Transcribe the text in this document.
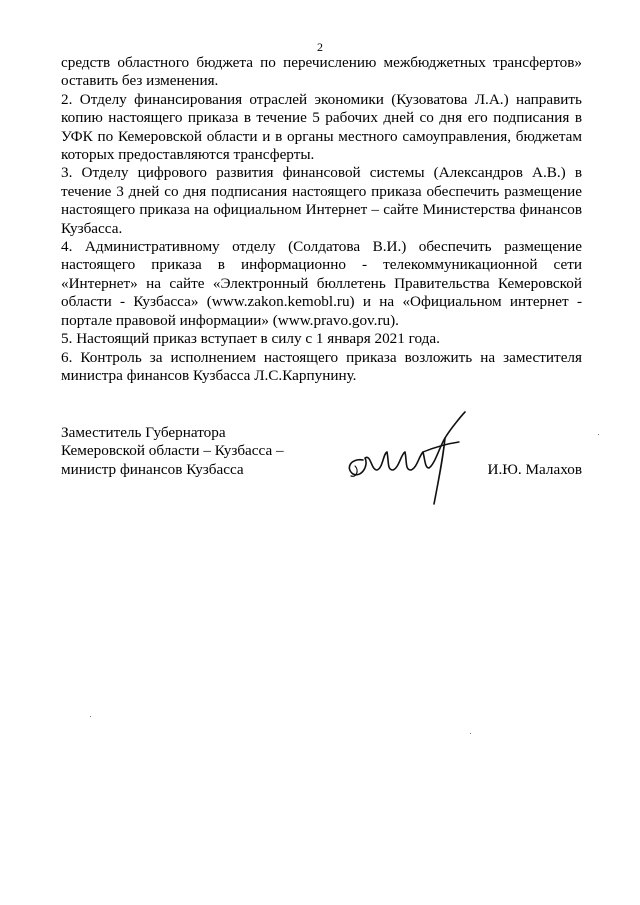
2

средств областного бюджета по перечислению межбюджетных трансфертов» оставить без изменения.

2. Отделу финансирования отраслей экономики (Кузоватова Л.А.) направить копию настоящего приказа в течение 5 рабочих дней со дня его подписания в УФК по Кемеровской области и в органы местного самоуправления, бюджетам которых предоставляются трансферты.

3. Отделу цифрового развития финансовой системы (Александров А.В.) в течение 3 дней со дня подписания настоящего приказа обеспечить размещение настоящего приказа на официальном Интернет – сайте Министерства финансов Кузбасса.

4. Административному отделу (Солдатова В.И.) обеспечить размещение настоящего приказа в информационно - телекоммуникационной сети «Интернет» на сайте «Электронный бюллетень Правительства Кемеровской области - Кузбасса» (www.zakon.kemobl.ru) и на «Официальном интернет - портале правовой информации» (www.pravo.gov.ru).

5. Настоящий приказ вступает в силу с 1 января 2021 года.

6. Контроль за исполнением настоящего приказа возложить на заместителя министра финансов Кузбасса Л.С.Карпунину.

Заместитель Губернатора
Кемеровской области – Кузбасса –
министр финансов Кузбасса	И.Ю. Малахов
